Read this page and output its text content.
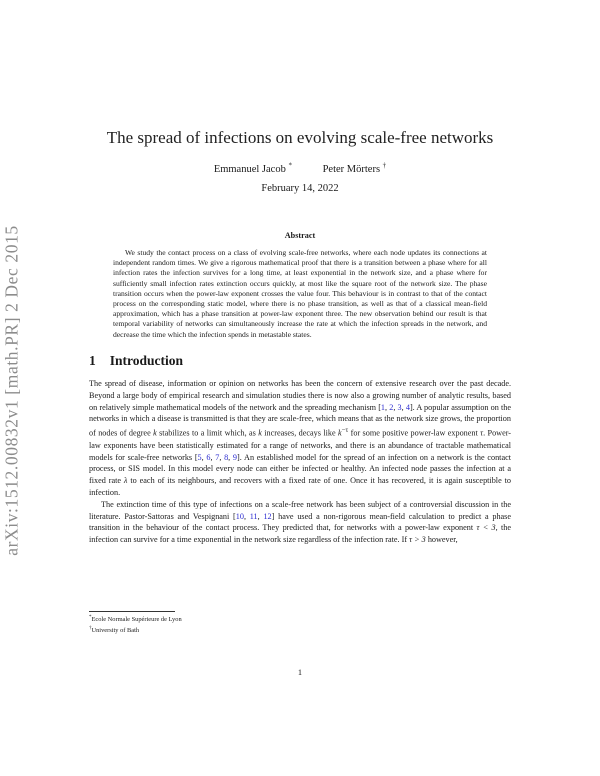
arXiv:1512.00832v1 [math.PR] 2 Dec 2015
The spread of infections on evolving scale-free networks
Emmanuel Jacob *	Peter Mörters †
February 14, 2022
Abstract
We study the contact process on a class of evolving scale-free networks, where each node updates its connections at independent random times. We give a rigorous mathematical proof that there is a transition between a phase where for all infection rates the infection survives for a long time, at least exponential in the network size, and a phase where for sufficiently small infection rates extinction occurs quickly, at most like the square root of the network size. The phase transition occurs when the power-law exponent crosses the value four. This behaviour is in contrast to that of the contact process on the corresponding static model, where there is no phase transition, as well as that of a classical mean-field approximation, which has a phase transition at power-law exponent three. The new observation behind our result is that temporal variability of networks can simultaneously increase the rate at which the infection spreads in the network, and decrease the time which the infection spends in metastable states.
1 Introduction

The spread of disease, information or opinion on networks has been the concern of extensive research over the past decade. Beyond a large body of empirical research and simulation studies there is now also a growing number of analytic results, based on relatively simple mathematical models of the network and the spreading mechanism [1, 2, 3, 4]. A popular assumption on the networks in which a disease is transmitted is that they are scale-free, which means that as the network size grows, the proportion of nodes of degree k stabilizes to a limit which, as k increases, decays like $k^{-\tau}$ for some positive power-law exponent τ. Power-law exponents have been statistically estimated for a range of networks, and there is an abundance of tractable mathematical models for scale-free networks [5, 6, 7, 8, 9]. An established model for the spread of an infection on a network is the contact process, or SIS model. In this model every node can either be infected or healthy. An infected node passes the infection at a fixed rate λ to each of its neighbours, and recovers with a fixed rate of one. Once it has recovered, it is again susceptible to infection.

The extinction time of this type of infections on a scale-free network has been subject of a controversial discussion in the literature. Pastor-Sattoras and Vespignani [10, 11, 12] have used a non-rigorous mean-field calculation to predict a phase transition in the behaviour of the contact process. They predicted that, for networks with a power-law exponent τ < 3, the infection can survive for a time exponential in the network size regardless of the infection rate. If τ > 3 however,

*Ecole Normale Supérieure de Lyon
†University of Bath
1
